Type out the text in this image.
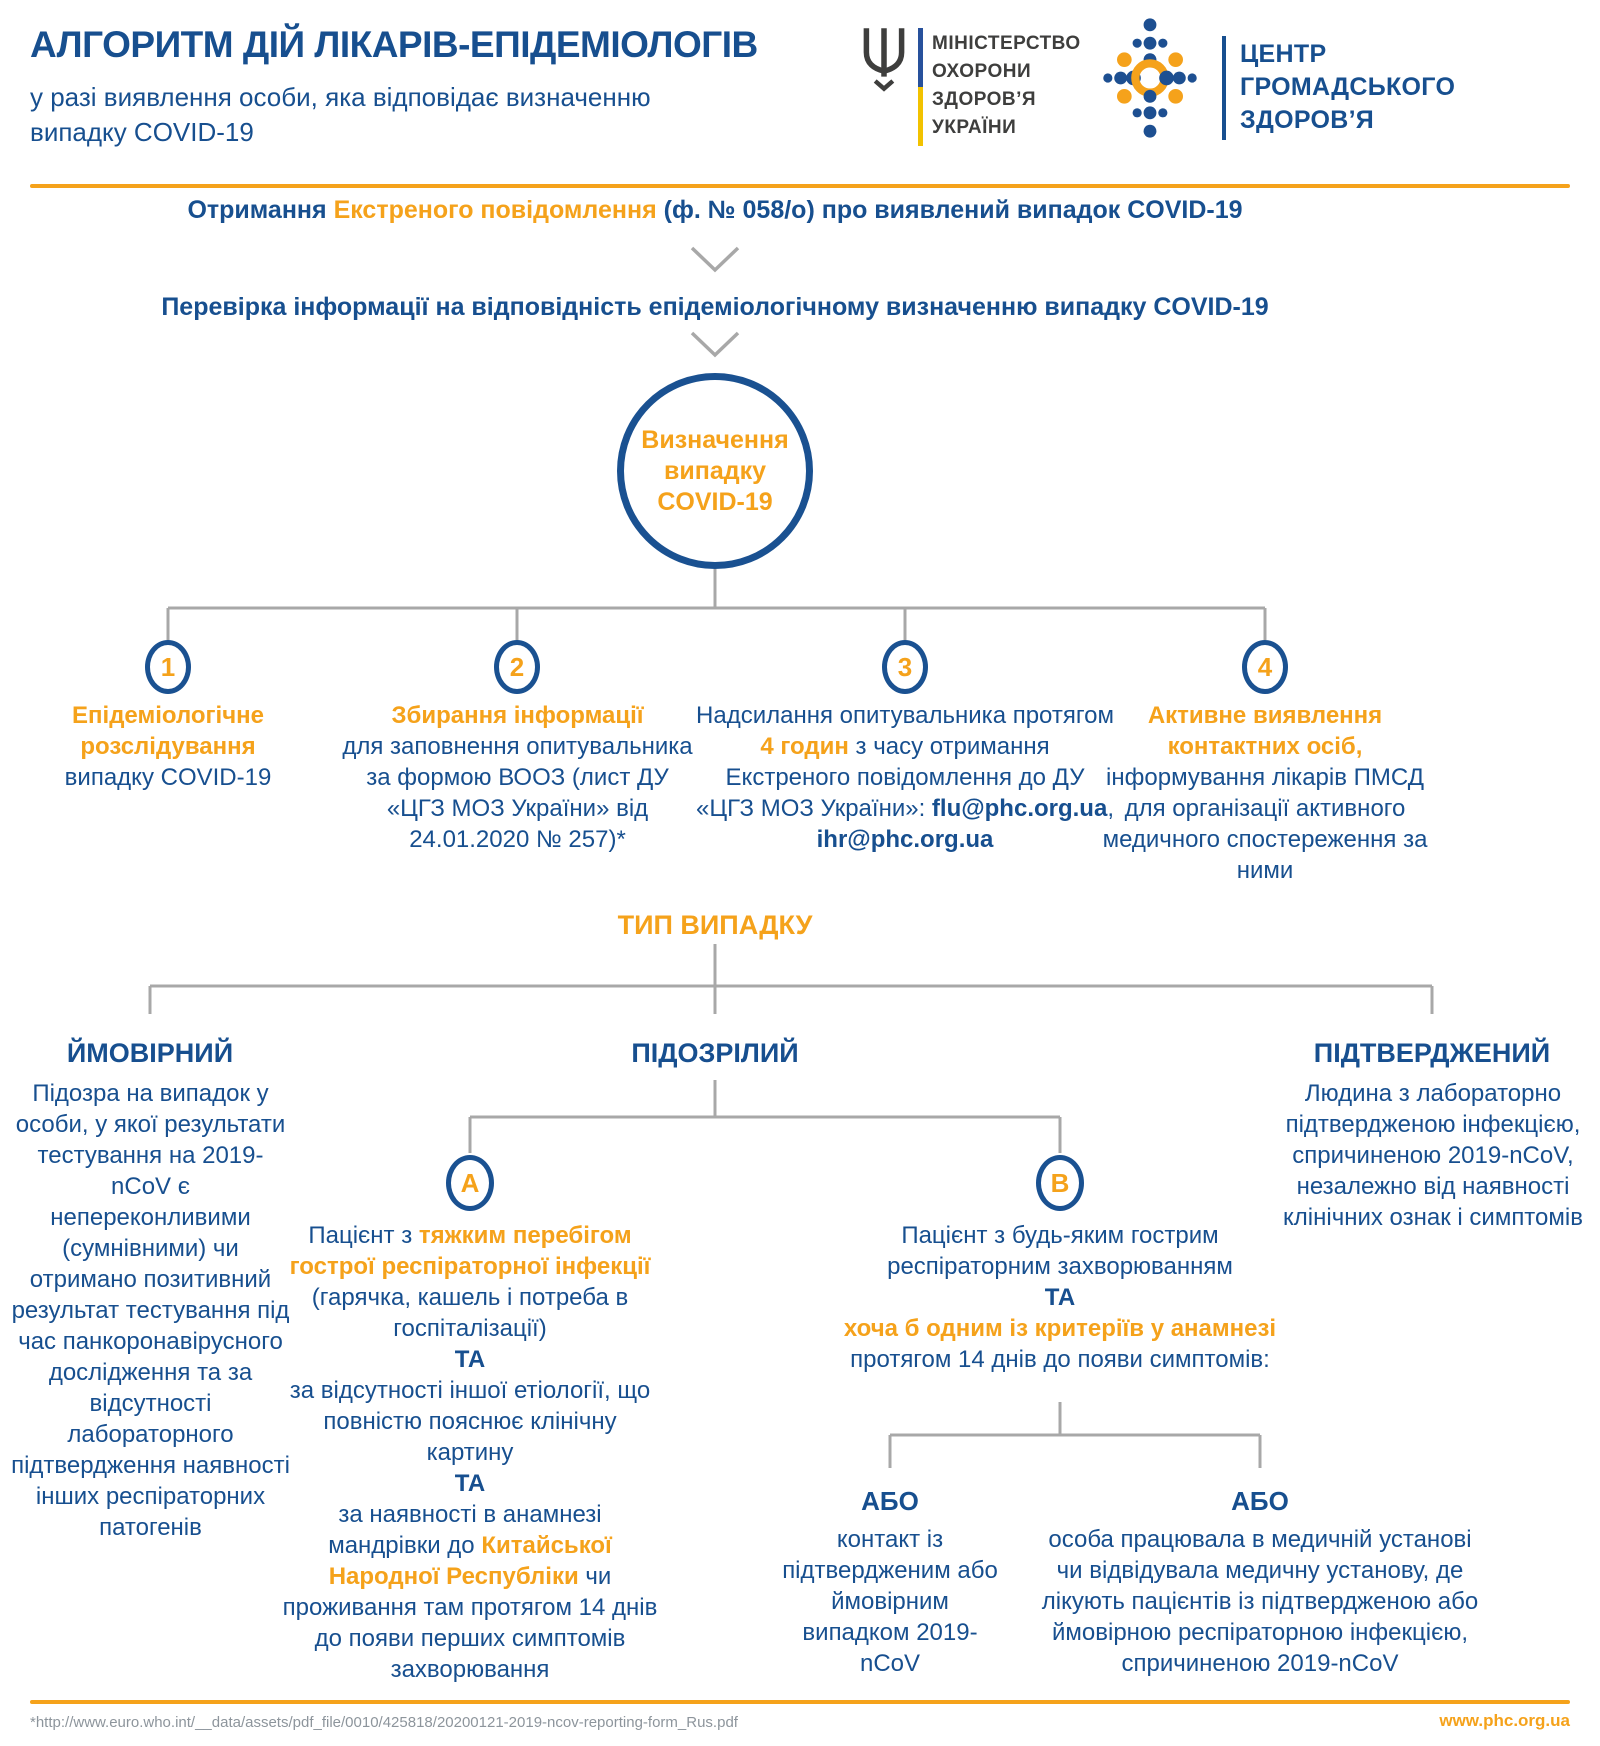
АЛГОРИТМ ДІЙ ЛІКАРІВ-ЕПІДЕМІОЛОГІВ
у разі виявлення особи, яка відповідає визначенню
випадку COVID-19
МІНІСТЕРСТВО
ОХОРОНИ
ЗДОРОВ’Я
УКРАЇНИ
ЦЕНТР
ГРОМАДСЬКОГО
ЗДОРОВ’Я
Отримання Екстреного повідомлення (ф. № 058/о) про виявлений випадок COVID-19
Перевірка інформації на відповідність епідеміологічному визначенню випадку COVID-19
Визначення випадку COVID-19
1	2	3	4
Епідеміологічне розслідування
випадку COVID-19
Збирання інформації
для заповнення опитувальника за формою ВООЗ (лист ДУ «ЦГЗ МОЗ України» від 24.01.2020 № 257)*
Надсилання опитувальника протягом 4 годин з часу отримання Екстреного повідомлення до ДУ «ЦГЗ МОЗ України»: flu@phc.org.ua, ihr@phc.org.ua
Активне виявлення контактних осіб,
інформування лікарів ПМСД для організації активного медичного спостереження за ними
ТИП ВИПАДКУ
ЙМОВІРНИЙ	ПІДОЗРІЛИЙ	ПІДТВЕРДЖЕНИЙ
Підозра на випадок у особи, у якої результати тестування на 2019-nCoV є непереконливими (сумнівними) чи отримано позитивний результат тестування під час панкоронавірусного дослідження та за відсутності лабораторного підтвердження наявності інших респіраторних патогенів
Людина з лабораторно підтвердженою інфекцією, спричиненою 2019-nCoV, незалежно від наявності клінічних ознак і симптомів
A	B
Пацієнт з тяжким перебігом гострої респіраторної інфекції (гарячка, кашель і потреба в госпіталізації)
ТА
за відсутності іншої етіології, що повністю пояснює клінічну картину
ТА
за наявності в анамнезі мандрівки до Китайської Народної Республіки чи проживання там протягом 14 днів до появи перших симптомів захворювання
Пацієнт з будь-яким гострим респіраторним захворюванням
ТА
хоча б одним із критеріїв у анамнезі протягом 14 днів до появи симптомів:
АБО	АБО
контакт із підтвердженим або ймовірним випадком 2019-nCoV
особа працювала в медичній установі чи відвідувала медичну установу, де лікують пацієнтів із підтвердженою або ймовірною респіраторною інфекцією, спричиненою 2019-nCoV
*http://www.euro.who.int/__data/assets/pdf_file/0010/425818/20200121-2019-ncov-reporting-form_Rus.pdf	www.phc.org.ua
